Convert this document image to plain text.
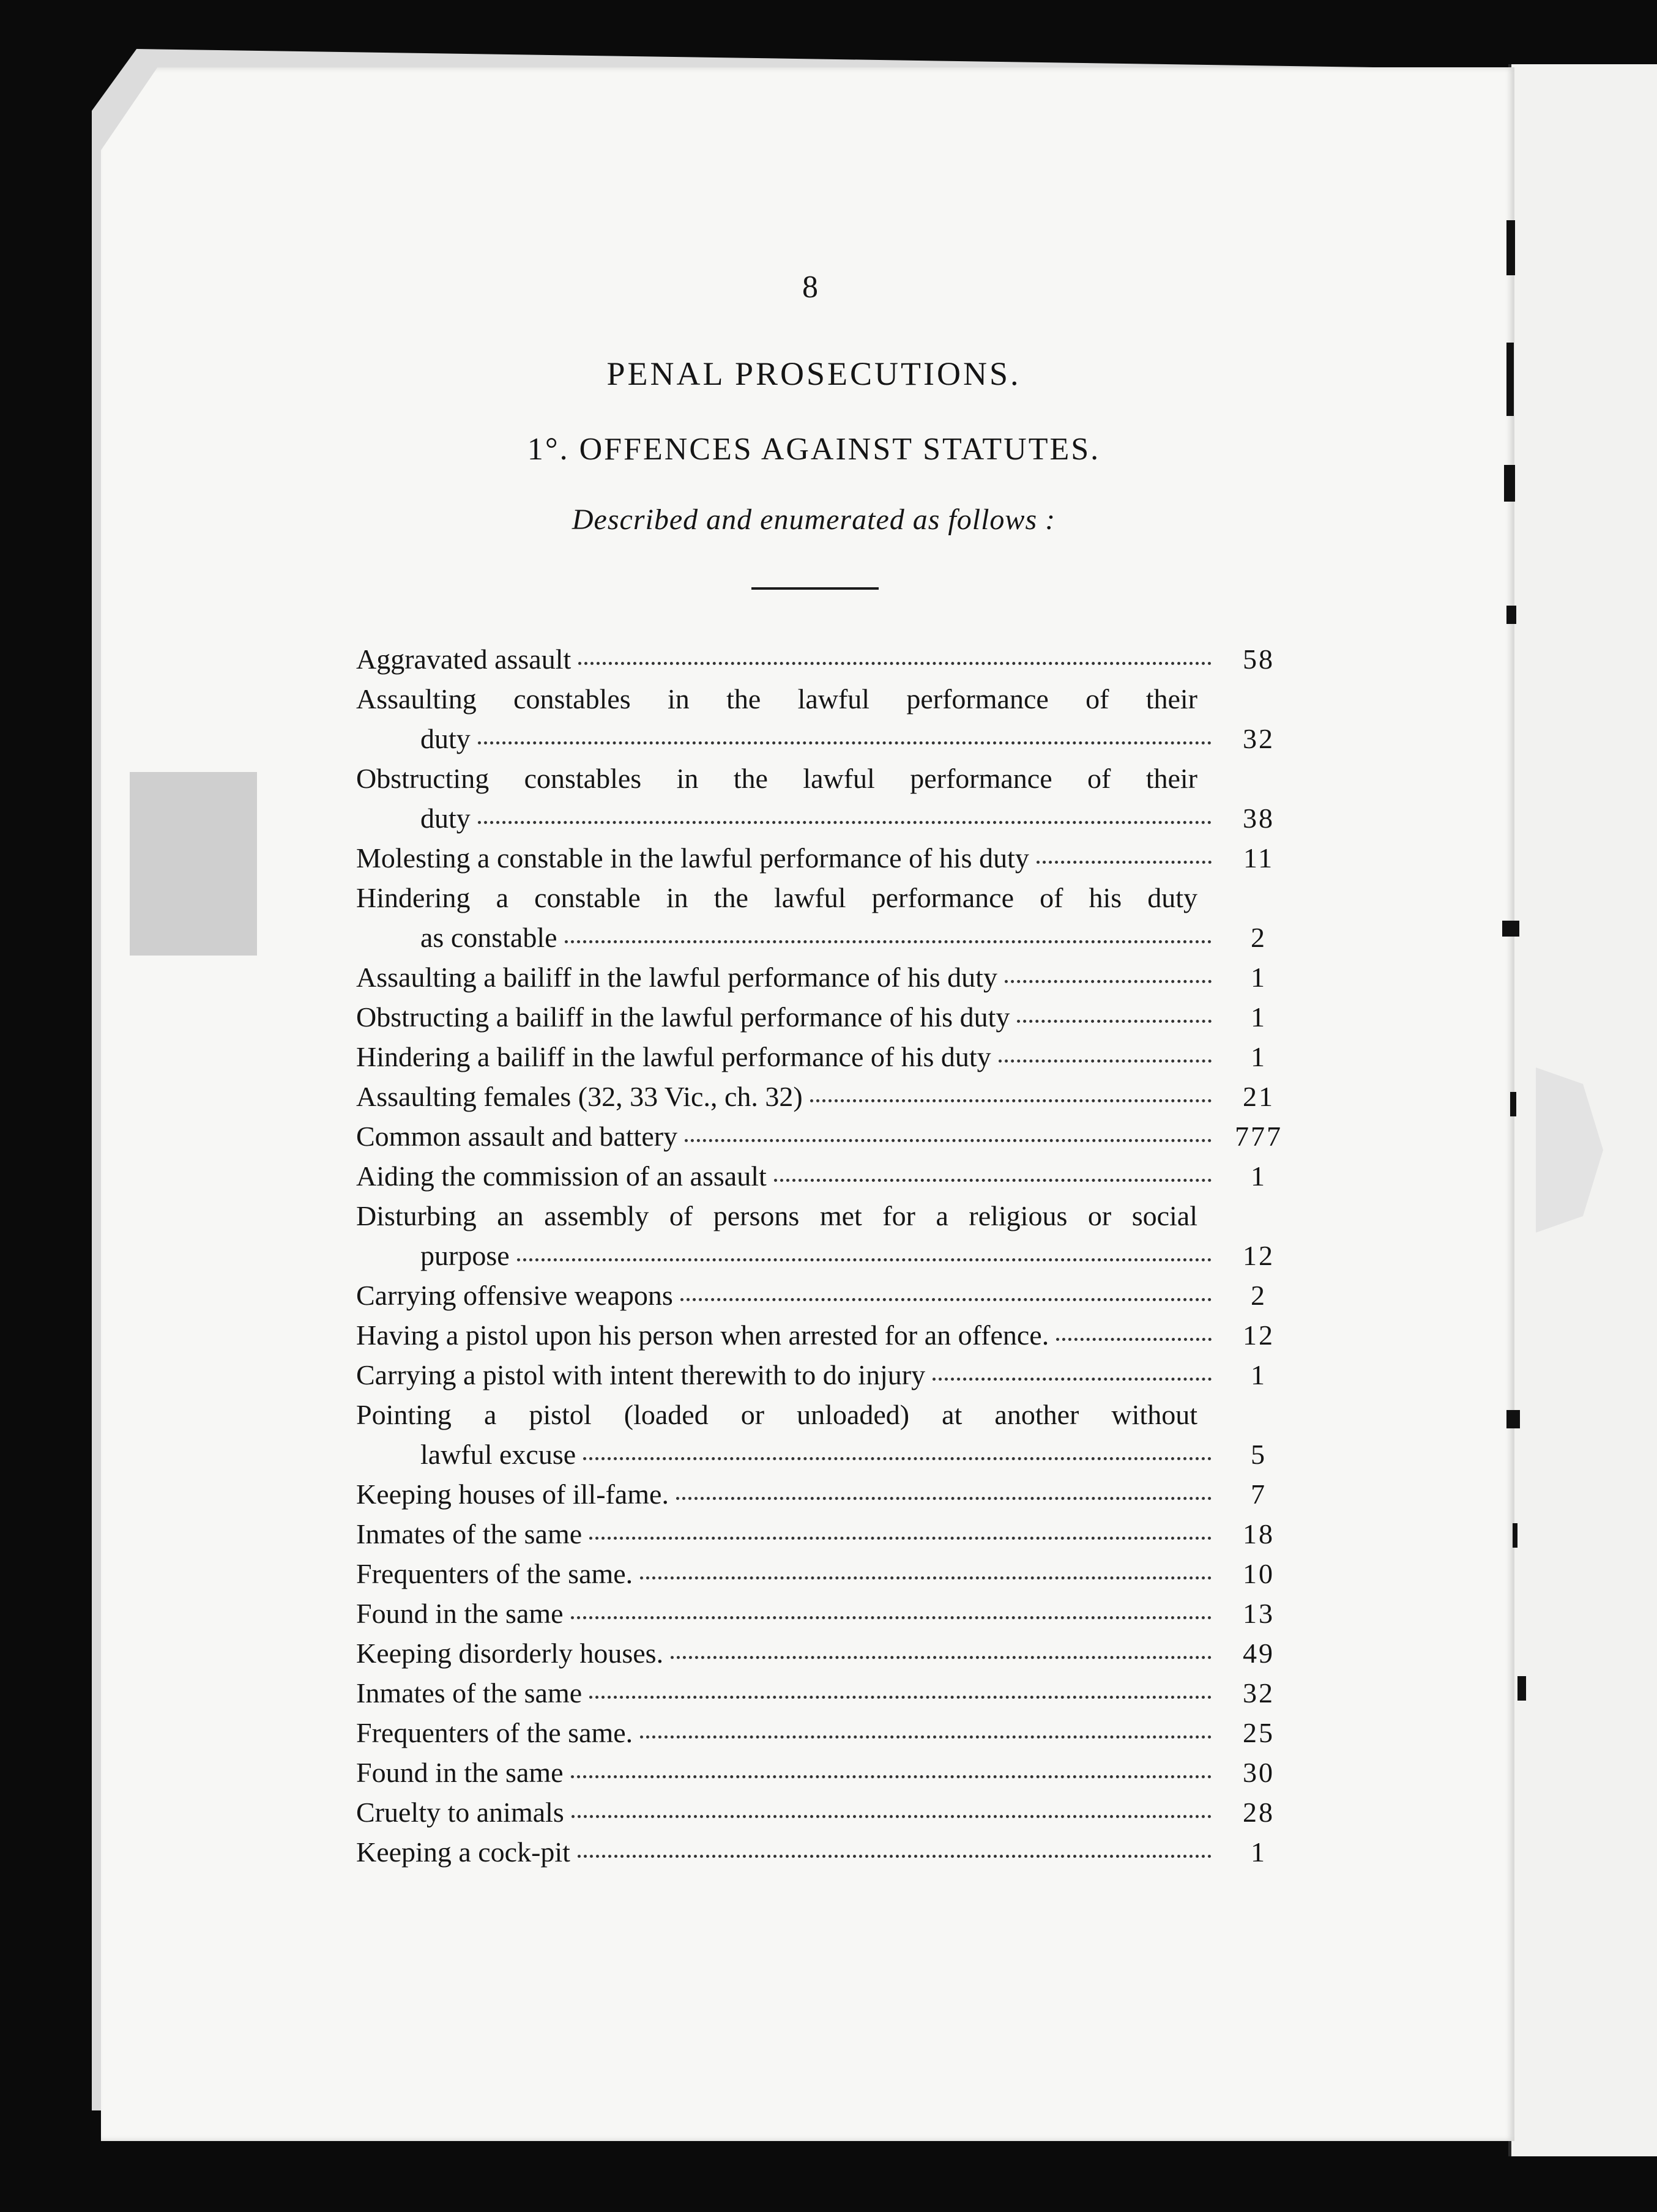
8
PENAL PROSECUTIONS.
1°. OFFENCES AGAINST STATUTES.
Described and enumerated as follows :
Aggravated assault	58
Assaulting constables in the lawful performance of their
duty	32
Obstructing constables in the lawful performance of their
duty	38
Molesting a constable in the lawful performance of his duty	11
Hindering a constable in the lawful performance of his duty
as constable	2
Assaulting a bailiff in the lawful performance of his duty	1
Obstructing a bailiff in the lawful performance of his duty	1
Hindering a bailiff in the lawful performance of his duty	1
Assaulting females (32, 33 Vic., ch. 32)	21
Common assault and battery	777
Aiding the commission of an assault	1
Disturbing an assembly of persons met for a religious or social
purpose	12
Carrying offensive weapons	2
Having a pistol upon his person when arrested for an offence.	12
Carrying a pistol with intent therewith to do injury	1
Pointing a pistol (loaded or unloaded) at another without
lawful excuse	5
Keeping houses of ill-fame.	7
Inmates of the same	18
Frequenters of the same.	10
Found in the same	13
Keeping disorderly houses.	49
Inmates of the same	32
Frequenters of the same.	25
Found in the same	30
Cruelty to animals	28
Keeping a cock-pit	1
